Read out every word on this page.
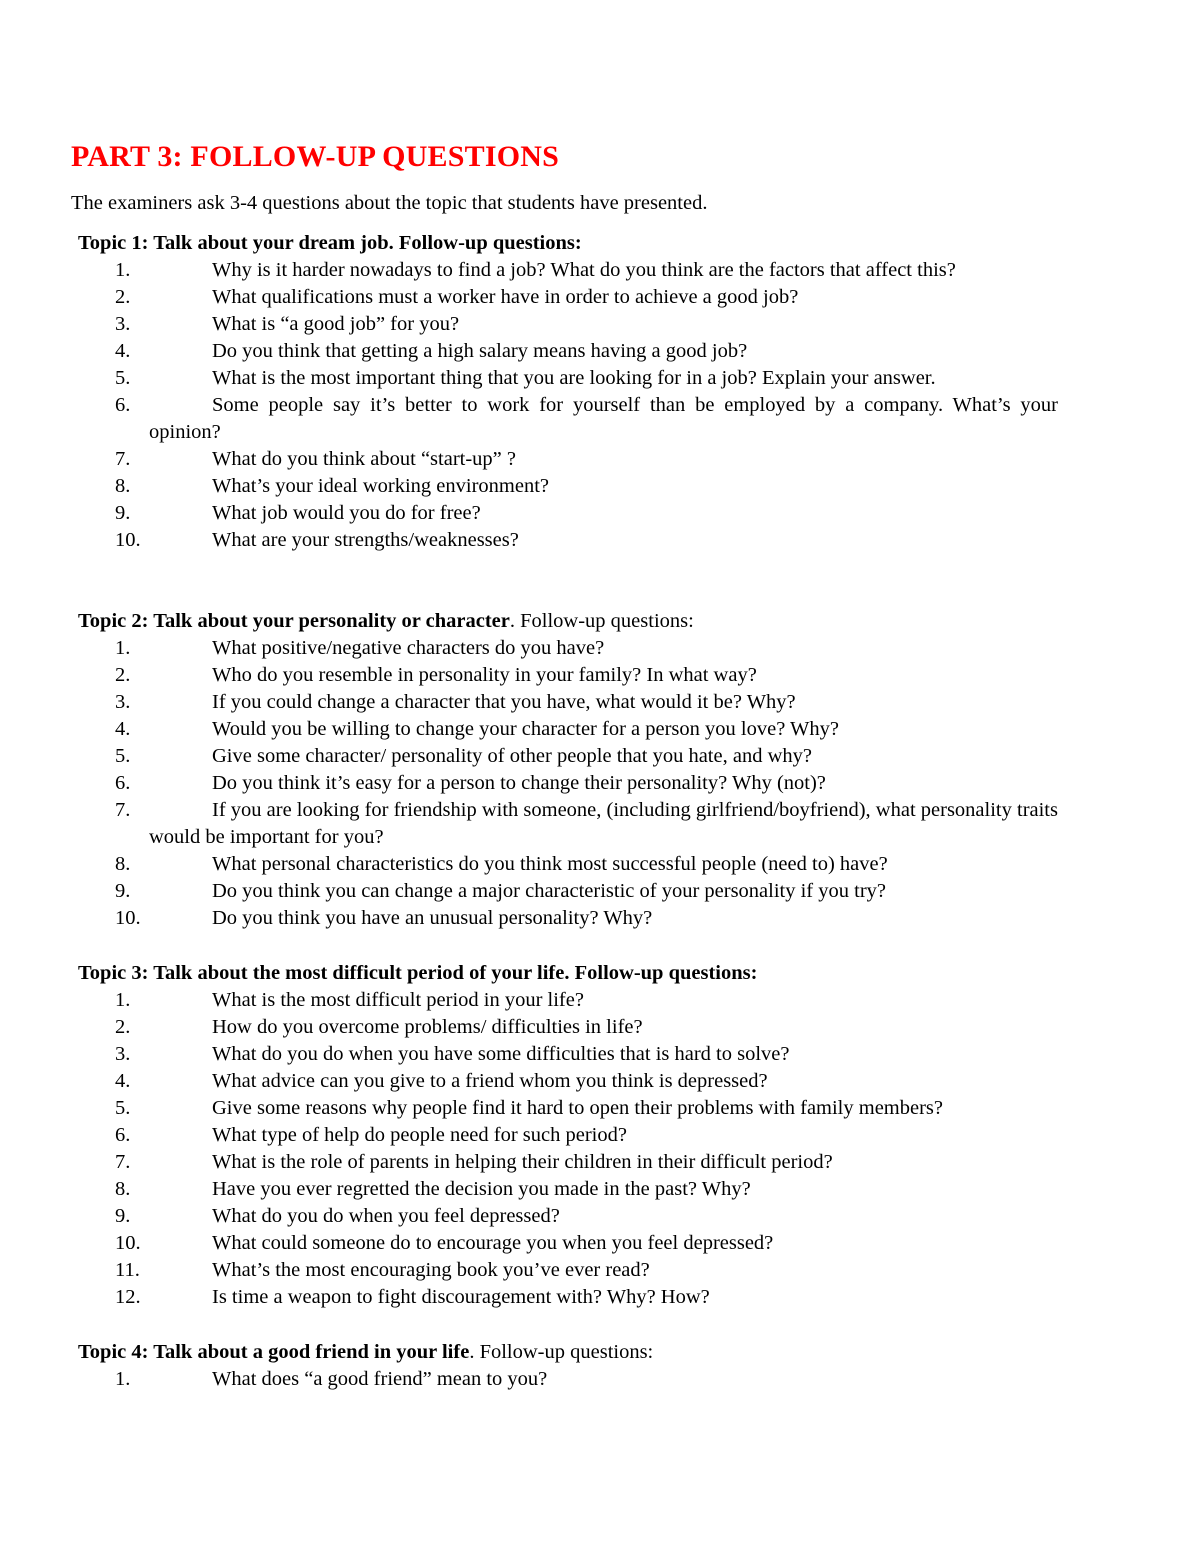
PART 3: FOLLOW-UP QUESTIONS
The examiners ask 3-4 questions about the topic that students have presented.
Topic 1: Talk about your dream job. Follow-up questions:
1.	Why is it harder nowadays to find a job? What do you think are the factors that affect this?
2.	What qualifications must a worker have in order to achieve a good job?
3.	What is “a good job” for you?
4.	Do you think that getting a high salary means having a good job?
5.	What is the most important thing that you are looking for in a job? Explain your answer.
6.	Some people say it’s better to work for yourself than be employed by a company. What’s your opinion?
7.	What do you think about “start-up” ?
8.	What’s your ideal working environment?
9.	What job would you do for free?
10.	What are your strengths/weaknesses?
Topic 2: Talk about your personality or character. Follow-up questions:
1.	What positive/negative characters do you have?
2.	Who do you resemble in personality in your family? In what way?
3.	If you could change a character that you have, what would it be? Why?
4.	Would you be willing to change your character for a person you love? Why?
5.	Give some character/ personality of other people that you hate, and why?
6.	Do you think it’s easy for a person to change their personality? Why (not)?
7.	If you are looking for friendship with someone, (including girlfriend/boyfriend), what personality traits would be important for you?
8.	What personal characteristics do you think most successful people (need to) have?
9.	Do you think you can change a major characteristic of your personality if you try?
10.	Do you think you have an unusual personality? Why?
Topic 3: Talk about the most difficult period of your life. Follow-up questions:
1.	What is the most difficult period in your life?
2.	How do you overcome problems/ difficulties in life?
3.	What do you do when you have some difficulties that is hard to solve?
4.	What advice can you give to a friend whom you think is depressed?
5.	Give some reasons why people find it hard to open their problems with family members?
6.	What type of help do people need for such period?
7.	What is the role of parents in helping their children in their difficult period?
8.	Have you ever regretted the decision you made in the past? Why?
9.	What do you do when you feel depressed?
10.	What could someone do to encourage you when you feel depressed?
11.	What’s the most encouraging book you’ve ever read?
12.	Is time a weapon to fight discouragement with? Why? How?
Topic 4: Talk about a good friend in your life. Follow-up questions:
1.	What does “a good friend” mean to you?
